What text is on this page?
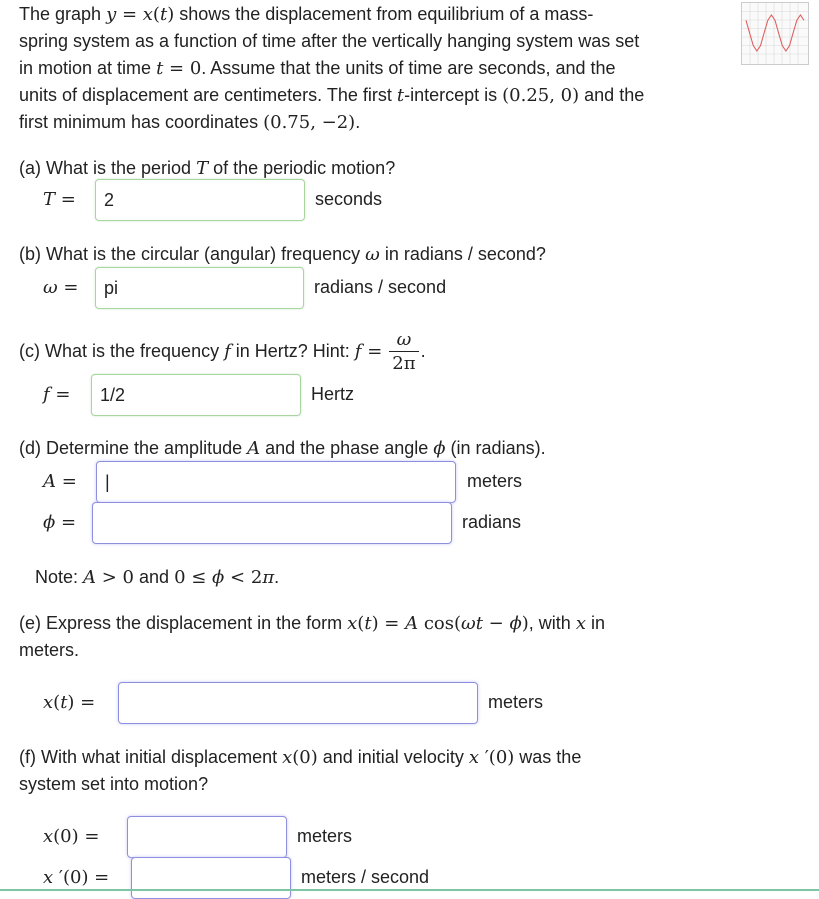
The graph y = x(t) shows the displacement from equilibrium of a mass-
spring system as a function of time after the vertically hanging system was set
in motion at time t = 0. Assume that the units of time are seconds, and the
units of displacement are centimeters. The first t-intercept is (0.25, 0) and the
first minimum has coordinates (0.75, −2).
(a) What is the period T of the periodic motion?
T =
2	seconds
(b) What is the circular (angular) frequency ω in radians / second?
ω =
pi	radians / second
(c) What is the frequency f in Hertz? Hint: $f = \frac{\omega}{2\pi}$ .
f =
1/2	Hertz
(d) Determine the amplitude A and the phase angle ϕ (in radians).
A =
|	meters
ϕ =	radians
Note: A > 0 and 0 ≤ ϕ < 2π.
(e) Express the displacement in the form x(t) = A cos(ωt − ϕ), with x in
meters.
x(t) =	meters
(f) With what initial displacement x(0) and initial velocity x ′(0) was the
system set into motion?
x(0) =	meters
x ′(0) =	meters / second
